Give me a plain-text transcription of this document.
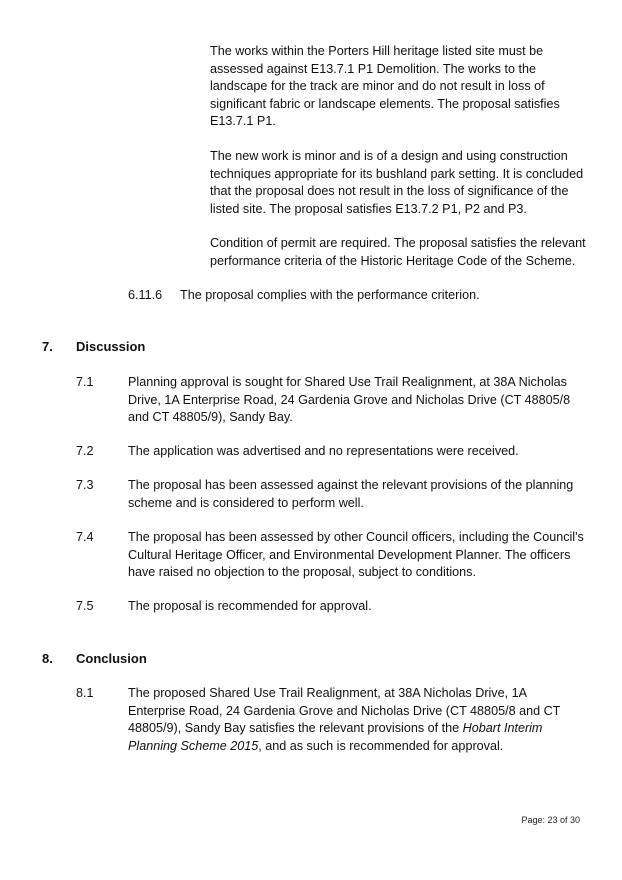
The works within the Porters Hill heritage listed site must be assessed against E13.7.1 P1 Demolition. The works to the landscape for the track are minor and do not result in loss of significant fabric or landscape elements. The proposal satisfies E13.7.1 P1.

The new work is minor and is of a design and using construction techniques appropriate for its bushland park setting. It is concluded that the proposal does not result in the loss of significance of the listed site. The proposal satisfies E13.7.2 P1, P2 and P3.

Condition of permit are required. The proposal satisfies the relevant performance criteria of the Historic Heritage Code of the Scheme.

6.11.6 The proposal complies with the performance criterion.
7. Discussion
7.1	Planning approval is sought for Shared Use Trail Realignment, at 38A Nicholas Drive, 1A Enterprise Road, 24 Gardenia Grove and Nicholas Drive (CT 48805/8 and CT 48805/9), Sandy Bay.
7.2	The application was advertised and no representations were received.
7.3	The proposal has been assessed against the relevant provisions of the planning scheme and is considered to perform well.
7.4	The proposal has been assessed by other Council officers, including the Council's Cultural Heritage Officer, and Environmental Development Planner. The officers have raised no objection to the proposal, subject to conditions.
7.5	The proposal is recommended for approval.
8. Conclusion
8.1	The proposed Shared Use Trail Realignment, at 38A Nicholas Drive, 1A Enterprise Road, 24 Gardenia Grove and Nicholas Drive (CT 48805/8 and CT 48805/9), Sandy Bay satisfies the relevant provisions of the Hobart Interim Planning Scheme 2015, and as such is recommended for approval.
Page: 23 of 30
